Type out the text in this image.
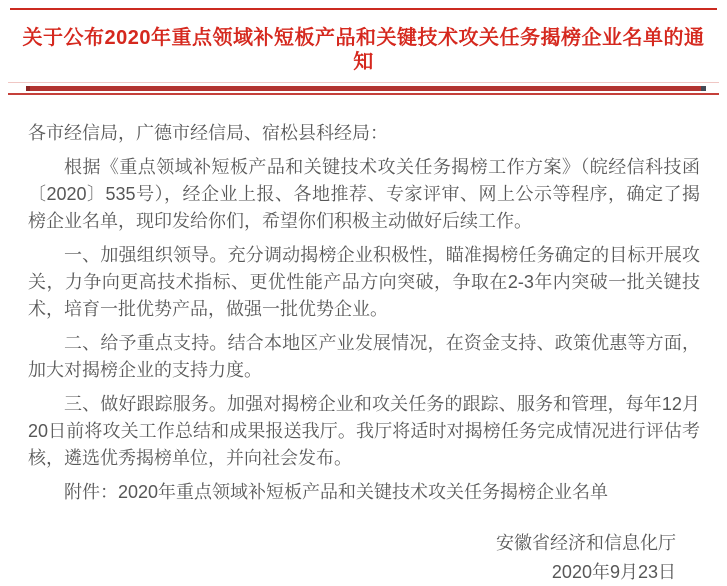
关于公布2020年重点领域补短板产品和关键技术攻关任务揭榜企业名单的通知

各市经信局，广德市经信局、宿松县科经局：

根据《重点领域补短板产品和关键技术攻关任务揭榜工作方案》（皖经信科技函〔2020〕535号），经企业上报、各地推荐、专家评审、网上公示等程序，确定了揭榜企业名单，现印发给你们，希望你们积极主动做好后续工作。

一、加强组织领导。充分调动揭榜企业积极性，瞄准揭榜任务确定的目标开展攻关，力争向更高技术指标、更优性能产品方向突破，争取在2-3年内突破一批关键技术，培育一批优势产品，做强一批优势企业。

二、给予重点支持。结合本地区产业发展情况，在资金支持、政策优惠等方面，加大对揭榜企业的支持力度。

三、做好跟踪服务。加强对揭榜企业和攻关任务的跟踪、服务和管理，每年12月20日前将攻关工作总结和成果报送我厅。我厅将适时对揭榜任务完成情况进行评估考核，遴选优秀揭榜单位，并向社会发布。

附件：2020年重点领域补短板产品和关键技术攻关任务揭榜企业名单

安徽省经济和信息化厅

2020年9月23日
